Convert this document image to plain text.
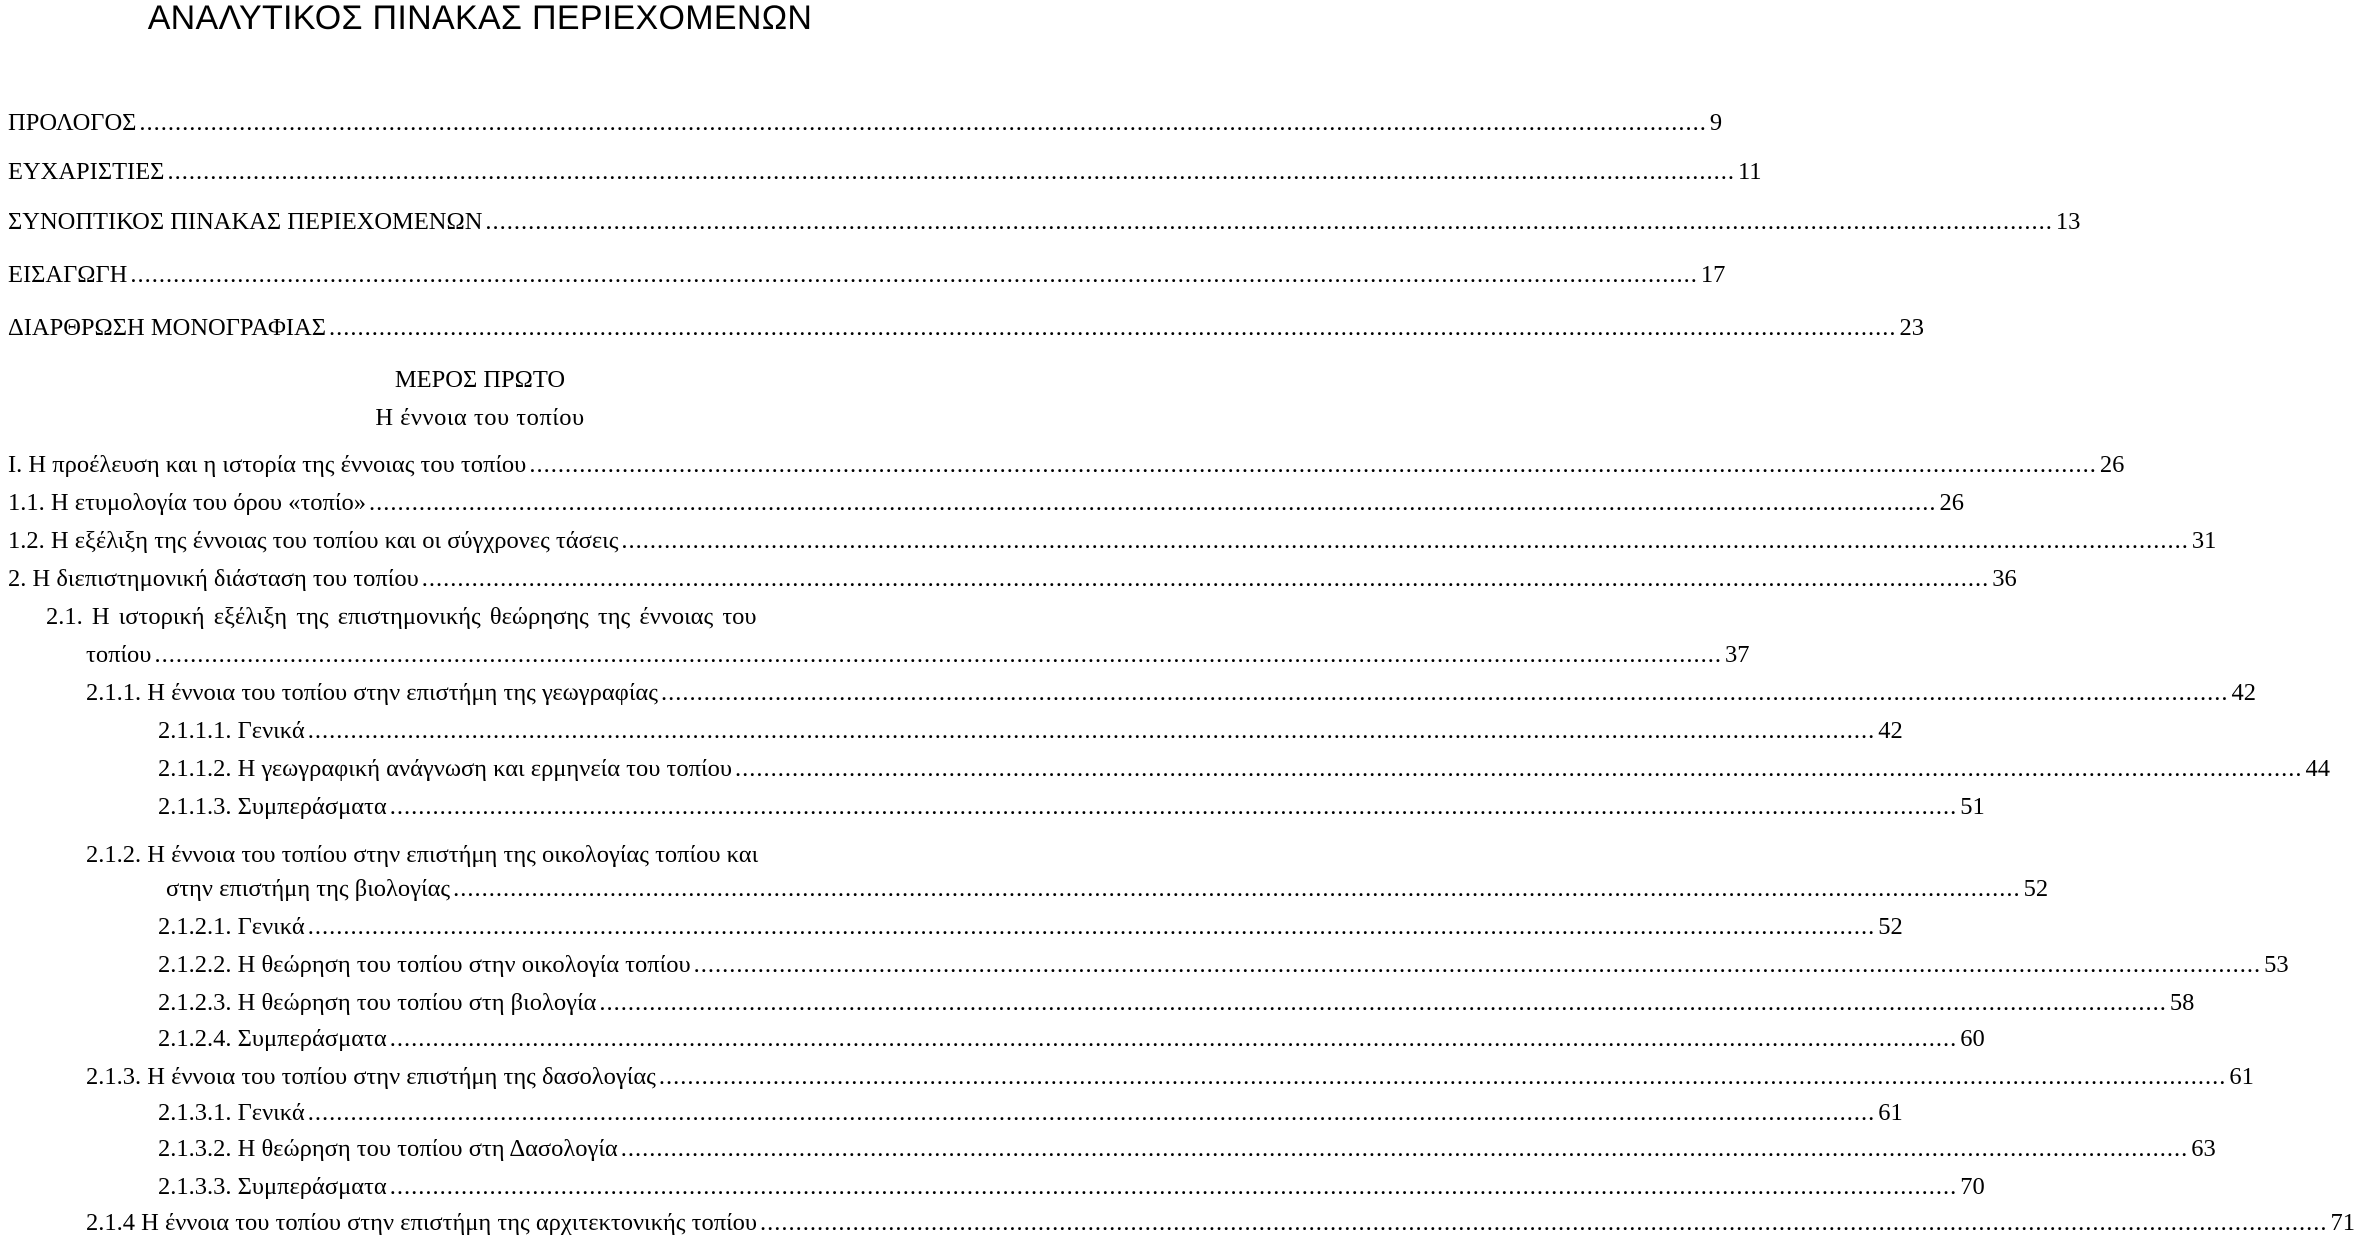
ΑΝΑΛΥΤΙΚΟΣ ΠΙΝΑΚΑΣ ΠΕΡΙΕΧΟΜΕΝΩΝ
ΠΡΟΛΟΓΟΣ ............................................................................................................................................................................................................................ 9
ΕΥΧΑΡΙΣΤΙΕΣ ............................................................................................................................................................................................................................ 11
ΣΥΝΟΠΤΙΚΟΣ ΠΙΝΑΚΑΣ ΠΕΡΙΕΧΟΜΕΝΩΝ ............................................................................................................................................................................................................................ 13
ΕΙΣΑΓΩΓΗ ............................................................................................................................................................................................................................ 17
ΔΙΑΡΘΡΩΣΗ ΜΟΝΟΓΡΑΦΙΑΣ ............................................................................................................................................................................................................................ 23
ΜΕΡΟΣ ΠΡΩΤΟ
Η έννοια του τοπίου
Ι. Η προέλευση και η ιστορία της έννοιας του τοπίου ............................................................................................................................................................................................................................ 26
1.1. Η ετυμολογία του όρου «τοπίο» ............................................................................................................................................................................................................................ 26
1.2. Η εξέλιξη της έννοιας του τοπίου και οι σύγχρονες τάσεις ............................................................................................................................................................................................................................ 31
2. Η διεπιστημονική διάσταση του τοπίου ............................................................................................................................................................................................................................ 36
2.1. Η ιστορική εξέλιξη της επιστημονικής θεώρησης της έννοιας του
τοπίου ............................................................................................................................................................................................................................ 37
2.1.1. Η έννοια του τοπίου στην επιστήμη της γεωγραφίας ............................................................................................................................................................................................................................ 42
2.1.1.1. Γενικά ............................................................................................................................................................................................................................ 42
2.1.1.2. Η γεωγραφική ανάγνωση και ερμηνεία του τοπίου ............................................................................................................................................................................................................................ 44
2.1.1.3. Συμπεράσματα ............................................................................................................................................................................................................................ 51
2.1.2. Η έννοια του τοπίου στην επιστήμη της οικολογίας τοπίου και
στην επιστήμη της βιολογίας ............................................................................................................................................................................................................................ 52
2.1.2.1. Γενικά ............................................................................................................................................................................................................................ 52
2.1.2.2. Η θεώρηση του τοπίου στην οικολογία τοπίου ............................................................................................................................................................................................................................ 53
2.1.2.3. Η θεώρηση του τοπίου στη βιολογία ............................................................................................................................................................................................................................ 58
2.1.2.4. Συμπεράσματα ............................................................................................................................................................................................................................ 60
2.1.3. Η έννοια του τοπίου στην επιστήμη της δασολογίας ............................................................................................................................................................................................................................ 61
2.1.3.1. Γενικά ............................................................................................................................................................................................................................ 61
2.1.3.2. Η θεώρηση του τοπίου στη Δασολογία ............................................................................................................................................................................................................................ 63
2.1.3.3. Συμπεράσματα ............................................................................................................................................................................................................................ 70
2.1.4 Η έννοια του τοπίου στην επιστήμη της αρχιτεκτονικής τοπίου ............................................................................................................................................................................................................................ 71
